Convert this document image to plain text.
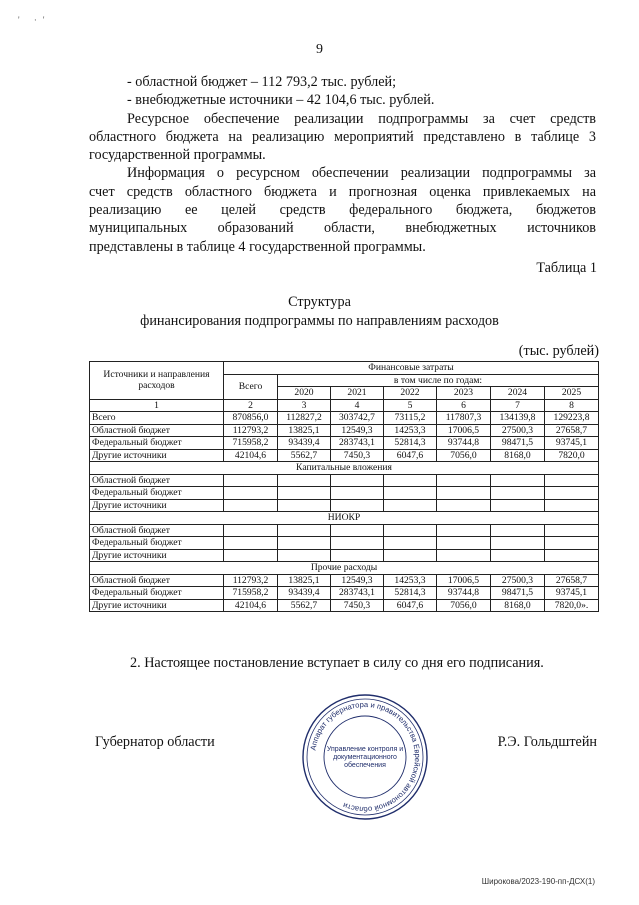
' ·'
9
- областной бюджет – 112 793,2 тыс. рублей;
- внебюджетные источники – 42 104,6 тыс. рублей.
Ресурсное обеспечение реализации подпрограммы за счет средств
областного бюджета на реализацию мероприятий представлено в таблице 3
государственной программы.
Информация о ресурсном обеспечении реализации подпрограммы за
счет средств областного бюджета и прогнозная оценка привлекаемых на
реализацию ее целей средств федерального бюджета, бюджетов
муниципальных образований области, внебюджетных источников
представлены в таблице 4 государственной программы.
Таблица 1
Структура
финансирования подпрограммы по направлениям расходов
(тыс. рублей)
Источники и направления расходов	Финансовые затраты						
	Всего	в том числе по годам:					
		2020	2021	2022	2023	2024	2025
1	2	3	4	5	6	7	8
Всего	870856,0	112827,2	303742,7	73115,2	117807,3	134139,8	129223,8
Областной бюджет	112793,2	13825,1	12549,3	14253,3	17006,5	27500,3	27658,7
Федеральный бюджет	715958,2	93439,4	283743,1	52814,3	93744,8	98471,5	93745,1
Другие источники	42104,6	5562,7	7450,3	6047,6	7056,0	8168,0	7820,0
Капитальные вложения							
Областной бюджет							
Федеральный бюджет							
Другие источники							
НИОКР							
Областной бюджет							
Федеральный бюджет							
Другие источники							
Прочие расходы							
Областной бюджет	112793,2	13825,1	12549,3	14253,3	17006,5	27500,3	27658,7
Федеральный бюджет	715958,2	93439,4	283743,1	52814,3	93744,8	98471,5	93745,1
Другие источники	42104,6	5562,7	7450,3	6047,6	7056,0	8168,0	7820,0».
2. Настоящее постановление вступает в силу со дня его подписания.
Губернатор области	Р.Э. Гольдштейн
Аппарат губернатора и правительства Еврейской автономной области
Управление контроля и
документационного
обеспечения
Широкова/2023-190-пп-ДСХ(1)
